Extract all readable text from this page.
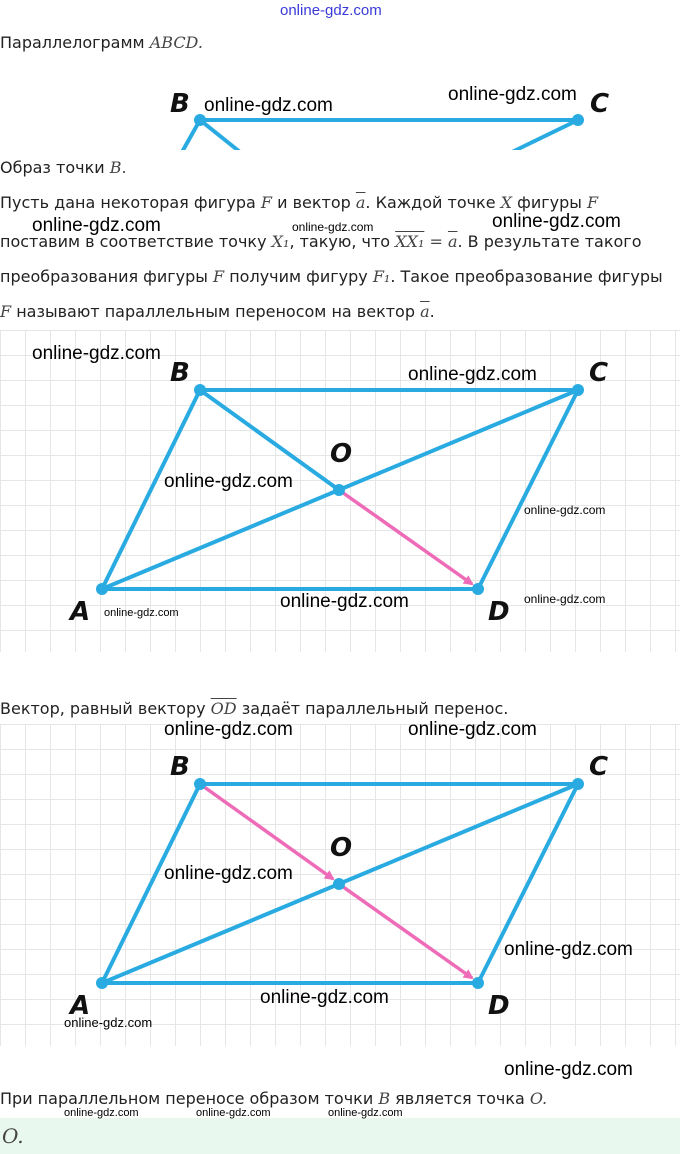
online-gdz.com
Параллелограмм ABCD.
B	C
Образ точки B.
Пусть дана некоторая фигура F и вектор $\overline{a}$. Каждой точке X фигуры F
поставим в соответствие точку X₁, такую, что $XX_1 = \overline{a}$. В результате такого
преобразования фигуры F получим фигуру F₁. Такое преобразование фигуры
F называют параллельным переносом на вектор $\overline{a}$.
B	C
O
A	D
Вектор, равный вектору $\overline{OD}$ задаёт параллельный перенос.
B	C
O
A	D
При параллельном переносе образом точки B является точка O.
O.
online-gdz.com
online-gdz.com
online-gdz.com	online-gdz.com	online-gdz.com
online-gdz.com
online-gdz.com
online-gdz.com
online-gdz.com
online-gdz.com	online-gdz.com
online-gdz.com
online-gdz.com	online-gdz.com
online-gdz.com
online-gdz.com
online-gdz.com
online-gdz.com
online-gdz.com
online-gdz.com	online-gdz.com	online-gdz.com
